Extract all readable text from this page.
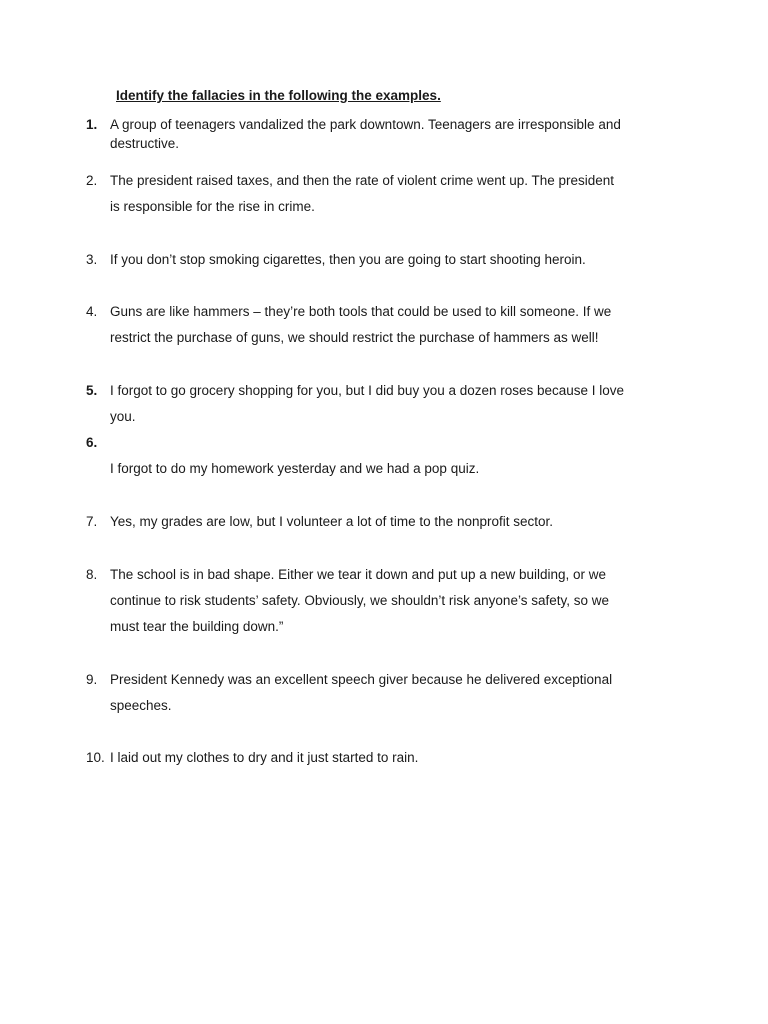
Identify the fallacies in the following the examples.
1. A group of teenagers vandalized the park downtown. Teenagers are irresponsible and
destructive.
2. The president raised taxes, and then the rate of violent crime went up. The president
is responsible for the rise in crime.
3. If you don’t stop smoking cigarettes, then you are going to start shooting heroin.
4. Guns are like hammers – they’re both tools that could be used to kill someone. If we
restrict the purchase of guns, we should restrict the purchase of hammers as well!
5. I forgot to go grocery shopping for you, but I did buy you a dozen roses because I love
you.
6.
I forgot to do my homework yesterday and we had a pop quiz.
7. Yes, my grades are low, but I volunteer a lot of time to the nonprofit sector.
8. The school is in bad shape. Either we tear it down and put up a new building, or we
continue to risk students’ safety. Obviously, we shouldn’t risk anyone’s safety, so we
must tear the building down.”
9. President Kennedy was an excellent speech giver because he delivered exceptional
speeches.
10. I laid out my clothes to dry and it just started to rain.
